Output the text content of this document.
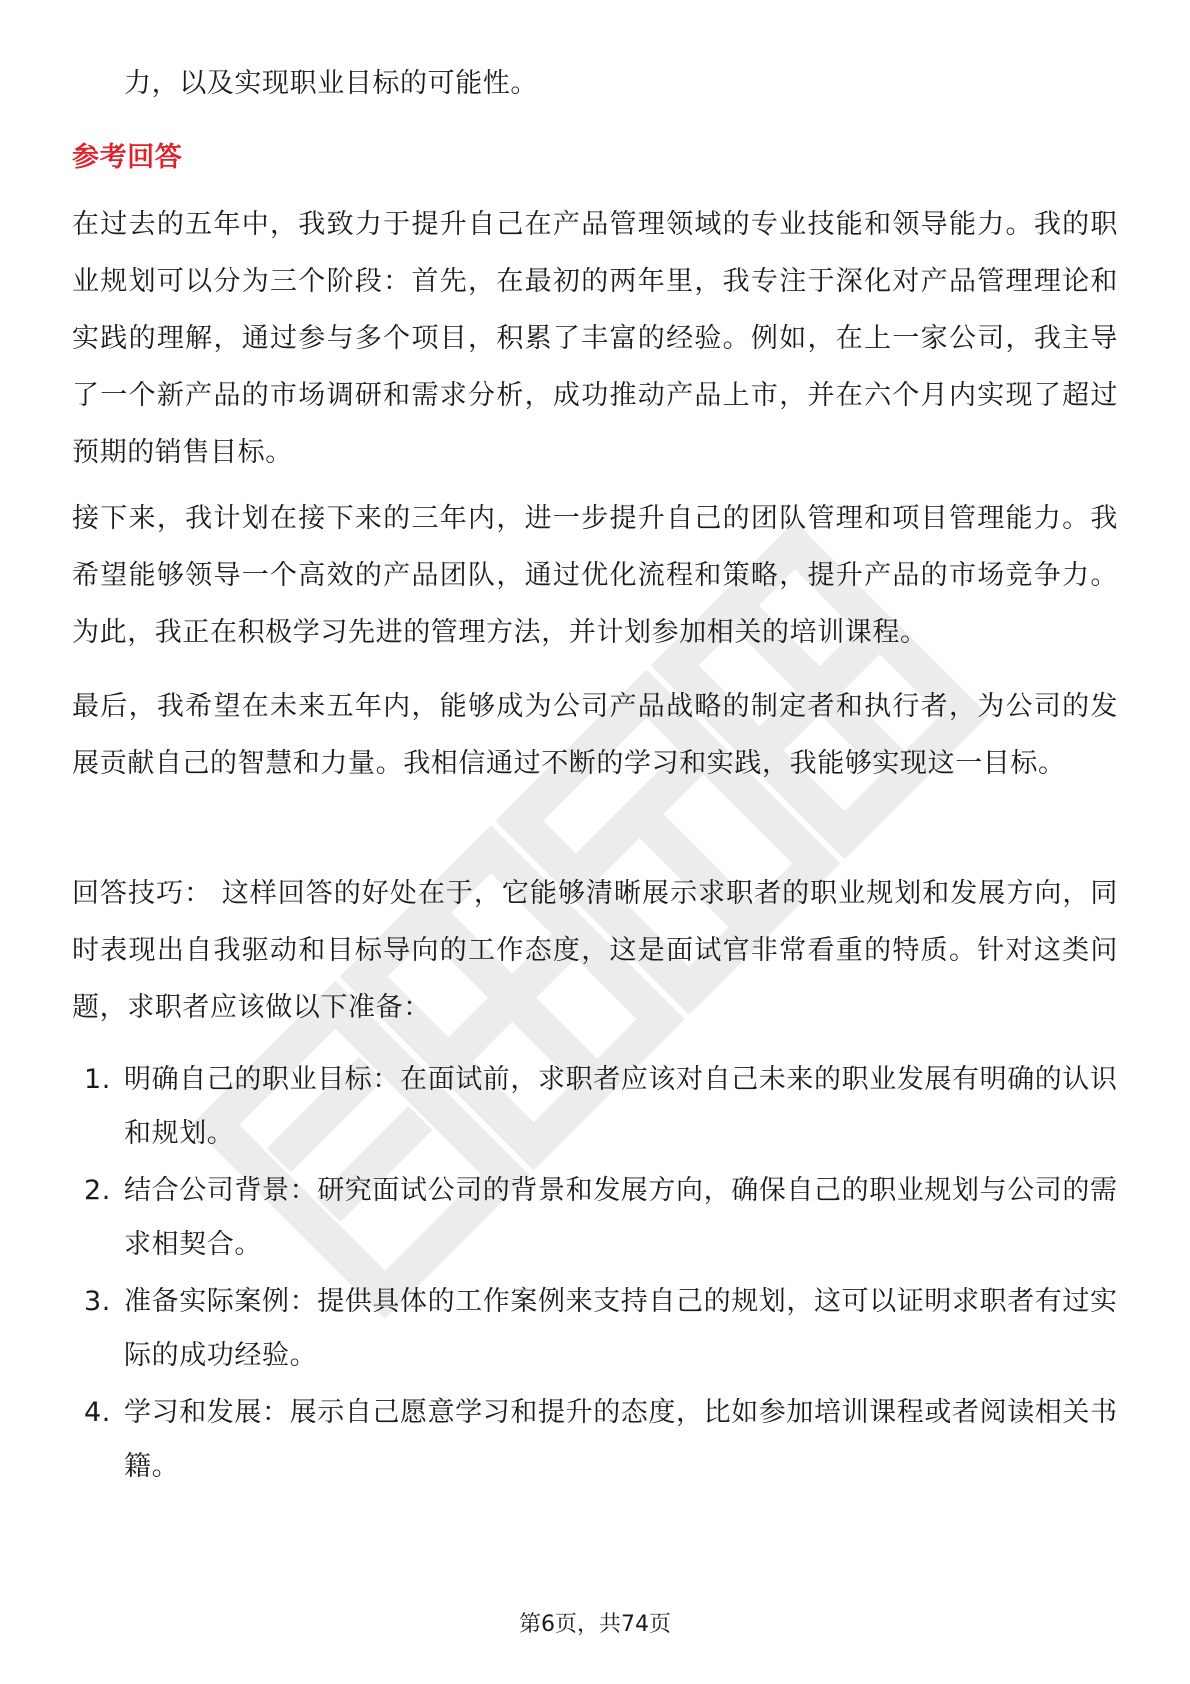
力，以及实现职业目标的可能性。
参考回答

在过去的五年中，我致力于提升自己在产品管理领域的专业技能和领导能力。我的职业规划可以分为三个阶段：首先，在最初的两年里，我专注于深化对产品管理理论和实践的理解，通过参与多个项目，积累了丰富的经验。例如，在上一家公司，我主导了一个新产品的市场调研和需求分析，成功推动产品上市，并在六个月内实现了超过预期的销售目标。

接下来，我计划在接下来的三年内，进一步提升自己的团队管理和项目管理能力。我希望能够领导一个高效的产品团队，通过优化流程和策略，提升产品的市场竞争力。为此，我正在积极学习先进的管理方法，并计划参加相关的培训课程。

最后，我希望在未来五年内，能够成为公司产品战略的制定者和执行者，为公司的发展贡献自己的智慧和力量。我相信通过不断的学习和实践，我能够实现这一目标。

回答技巧： 这样回答的好处在于，它能够清晰展示求职者的职业规划和发展方向，同时表现出自我驱动和目标导向的工作态度，这是面试官非常看重的特质。针对这类问题，求职者应该做以下准备：

1. 明确自己的职业目标：在面试前，求职者应该对自己未来的职业发展有明确的认识和规划。
2. 结合公司背景：研究面试公司的背景和发展方向，确保自己的职业规划与公司的需求相契合。
3. 准备实际案例：提供具体的工作案例来支持自己的规划，这可以证明求职者有过实际的成功经验。
4. 学习和发展：展示自己愿意学习和提升的态度，比如参加培训课程或者阅读相关书籍。
第6页，共74页
